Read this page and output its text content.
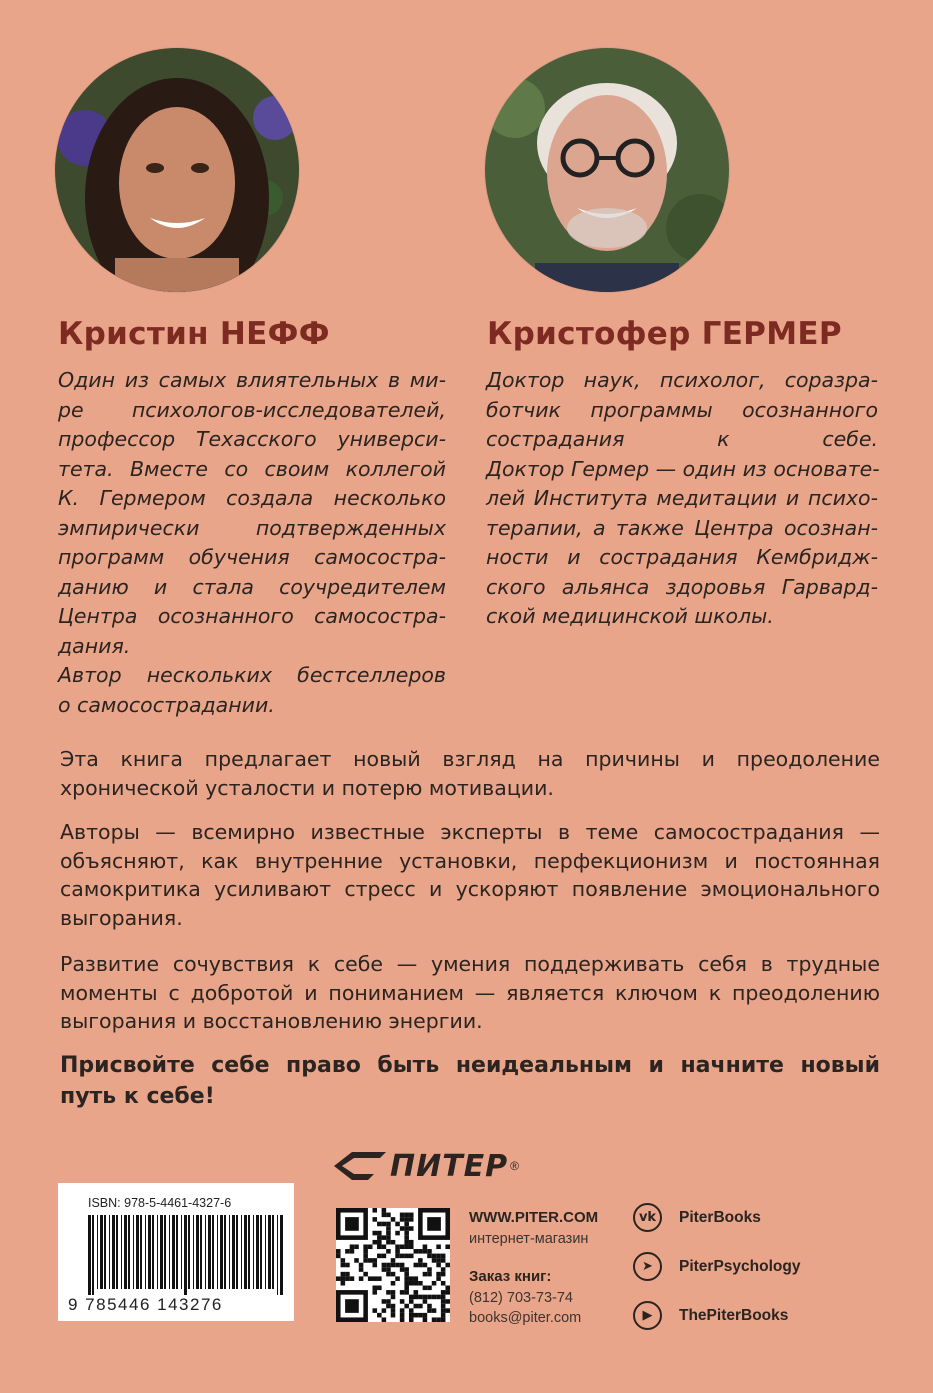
Кристин НЕФФ	Кристофер ГЕРМЕР
Один из самых влиятельных в ми-
ре психологов-исследователей,
профессор Техасского универси-
тета. Вместе со своим коллегой
К. Гермером создала несколько
эмпирически подтвержденных
программ обучения самосостра-
данию и стала соучредителем
Центра осознанного самосостра-
дания.
Автор нескольких бестселлеров
о самосострадании.
Доктор наук, психолог, соразра-
ботчик программы осознанного
сострадания к себе.
Доктор Гермер — один из основате-
лей Института медитации и психо-
терапии, а также Центра осознан-
ности и сострадания Кембридж-
ского альянса здоровья Гарвард-
ской медицинской школы.
Эта книга предлагает новый взгляд на причины и преодоление
хронической усталости и потерю мотивации.
Авторы — всемирно известные эксперты в теме самосострадания —
объясняют, как внутренние установки, перфекционизм и постоянная
самокритика усиливают стресс и ускоряют появление эмоционального
выгорания.
Развитие сочувствия к себе — умения поддерживать себя в трудные
моменты с добротой и пониманием — является ключом к преодолению
выгорания и восстановлению энергии.
Присвойте себе право быть неидеальным и начните новый
путь к себе!
ПИТЕР ®
ISBN: 978-5-4461-4327-6
9 785446 143276
WWW.PITER.COM
интернет-магазин
Заказ книг:
(812) 703-73-74
books@piter.com
vk	PiterBooks
➤	PiterPsychology
▶	ThePiterBooks
